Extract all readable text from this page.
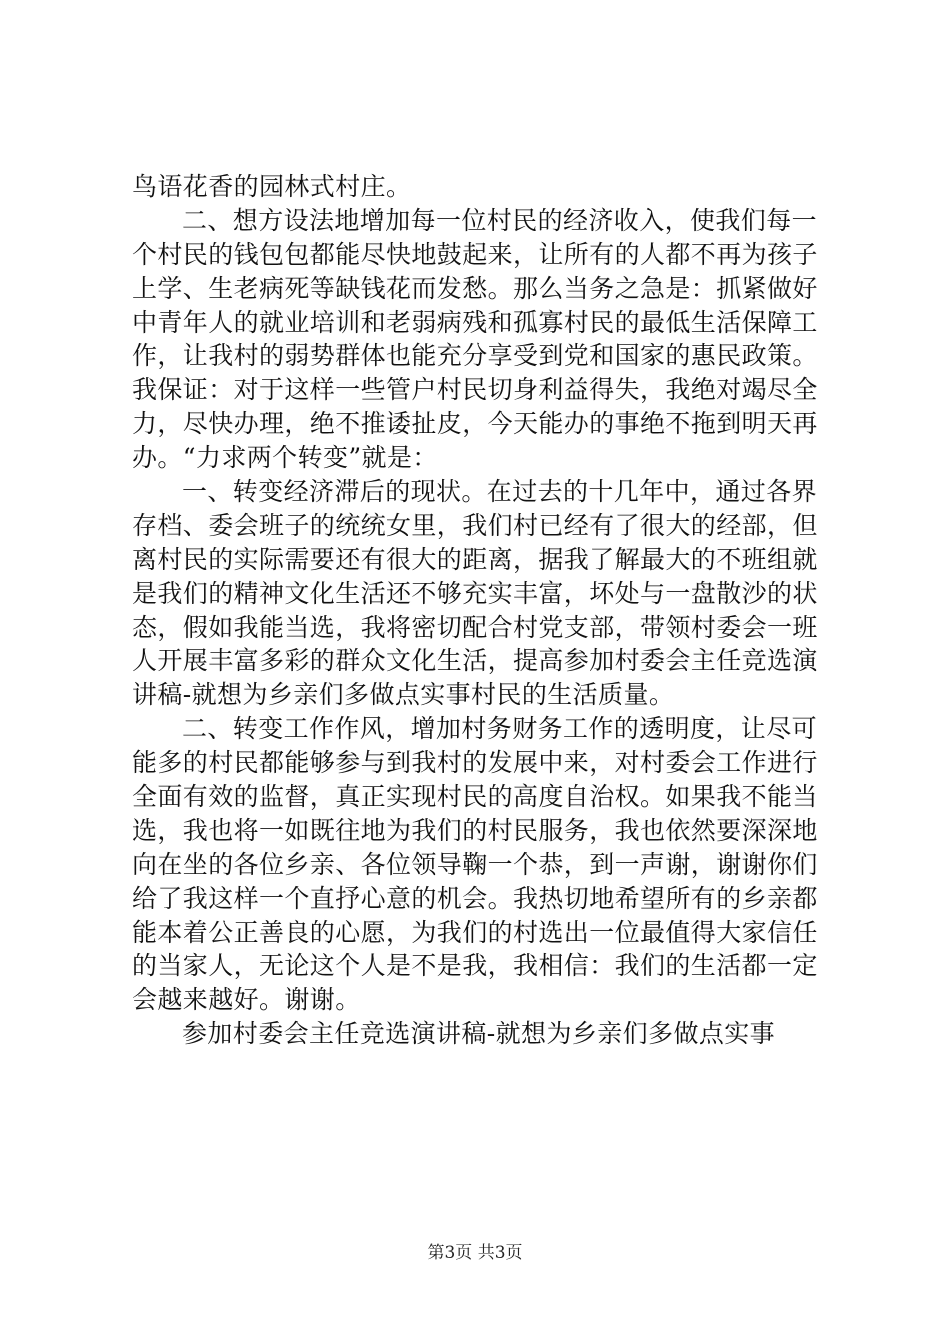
鸟语花香的园林式村庄。
二、想方设法地增加每一位村民的经济收入，使我们每一
个村民的钱包包都能尽快地鼓起来，让所有的人都不再为孩子
上学、生老病死等缺钱花而发愁。那么当务之急是：抓紧做好
中青年人的就业培训和老弱病残和孤寡村民的最低生活保障工
作，让我村的弱势群体也能充分享受到党和国家的惠民政策。
我保证：对于这样一些管户村民切身利益得失，我绝对竭尽全
力，尽快办理，绝不推诿扯皮，今天能办的事绝不拖到明天再
办。“力求两个转变”就是：
一、转变经济滞后的现状。在过去的十几年中，通过各界
存档、委会班子的统统女里，我们村已经有了很大的经部，但
离村民的实际需要还有很大的距离，据我了解最大的不班组就
是我们的精神文化生活还不够充实丰富，坏处与一盘散沙的状
态，假如我能当选，我将密切配合村党支部，带领村委会一班
人开展丰富多彩的群众文化生活，提高参加村委会主任竞选演
讲稿-就想为乡亲们多做点实事村民的生活质量。
二、转变工作作风，增加村务财务工作的透明度，让尽可
能多的村民都能够参与到我村的发展中来，对村委会工作进行
全面有效的监督，真正实现村民的高度自治权。如果我不能当
选，我也将一如既往地为我们的村民服务，我也依然要深深地
向在坐的各位乡亲、各位领导鞠一个恭，到一声谢，谢谢你们
给了我这样一个直抒心意的机会。我热切地希望所有的乡亲都
能本着公正善良的心愿，为我们的村选出一位最值得大家信任
的当家人，无论这个人是不是我，我相信：我们的生活都一定
会越来越好。谢谢。
参加村委会主任竞选演讲稿-就想为乡亲们多做点实事
第3页 共3页
